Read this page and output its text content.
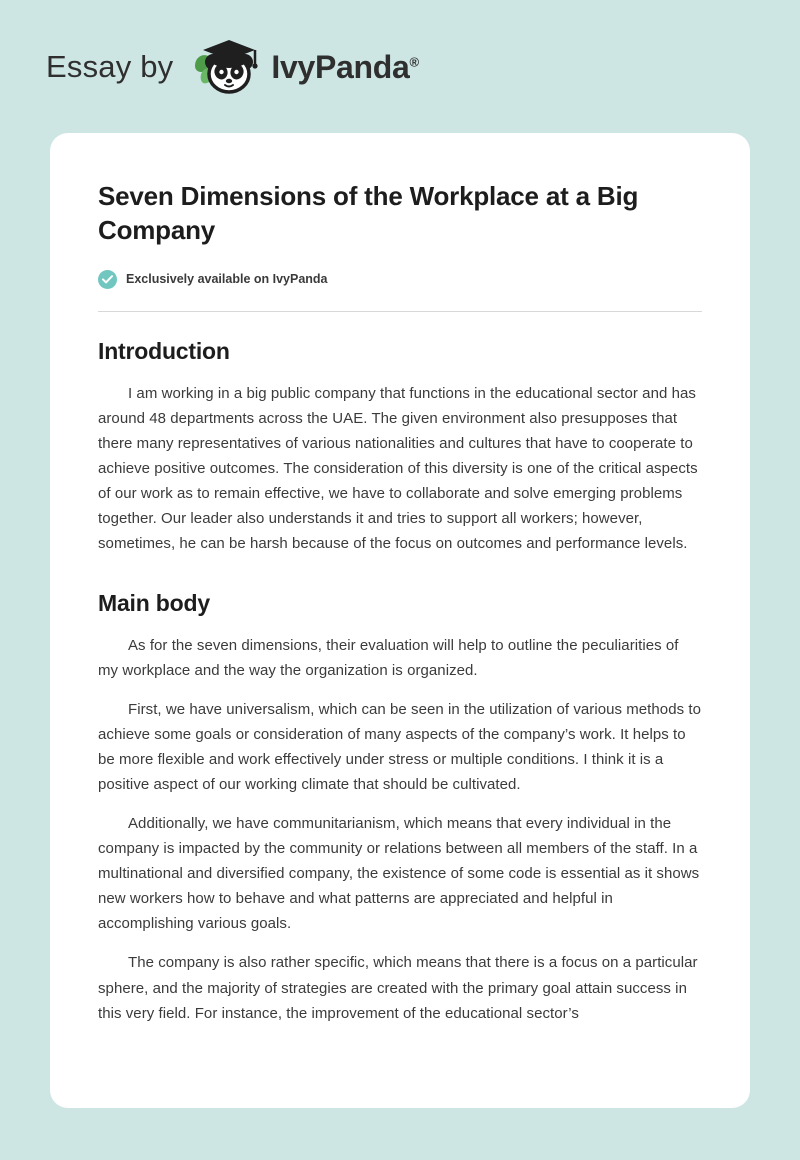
Essay by	IvyPanda®
Seven Dimensions of the Workplace at a Big Company
Exclusively available on IvyPanda
Introduction

I am working in a big public company that functions in the educational sector and has around 48 departments across the UAE. The given environment also presupposes that there many representatives of various nationalities and cultures that have to cooperate to achieve positive outcomes. The consideration of this diversity is one of the critical aspects of our work as to remain effective, we have to collaborate and solve emerging problems together. Our leader also understands it and tries to support all workers; however, sometimes, he can be harsh because of the focus on outcomes and performance levels.

Main body

As for the seven dimensions, their evaluation will help to outline the peculiarities of my workplace and the way the organization is organized.

First, we have universalism, which can be seen in the utilization of various methods to achieve some goals or consideration of many aspects of the company’s work. It helps to be more flexible and work effectively under stress or multiple conditions. I think it is a positive aspect of our working climate that should be cultivated.

Additionally, we have communitarianism, which means that every individual in the company is impacted by the community or relations between all members of the staff. In a multinational and diversified company, the existence of some code is essential as it shows new workers how to behave and what patterns are appreciated and helpful in accomplishing various goals.

The company is also rather specific, which means that there is a focus on a particular sphere, and the majority of strategies are created with the primary goal attain success in this very field. For instance, the improvement of the educational sector’s
